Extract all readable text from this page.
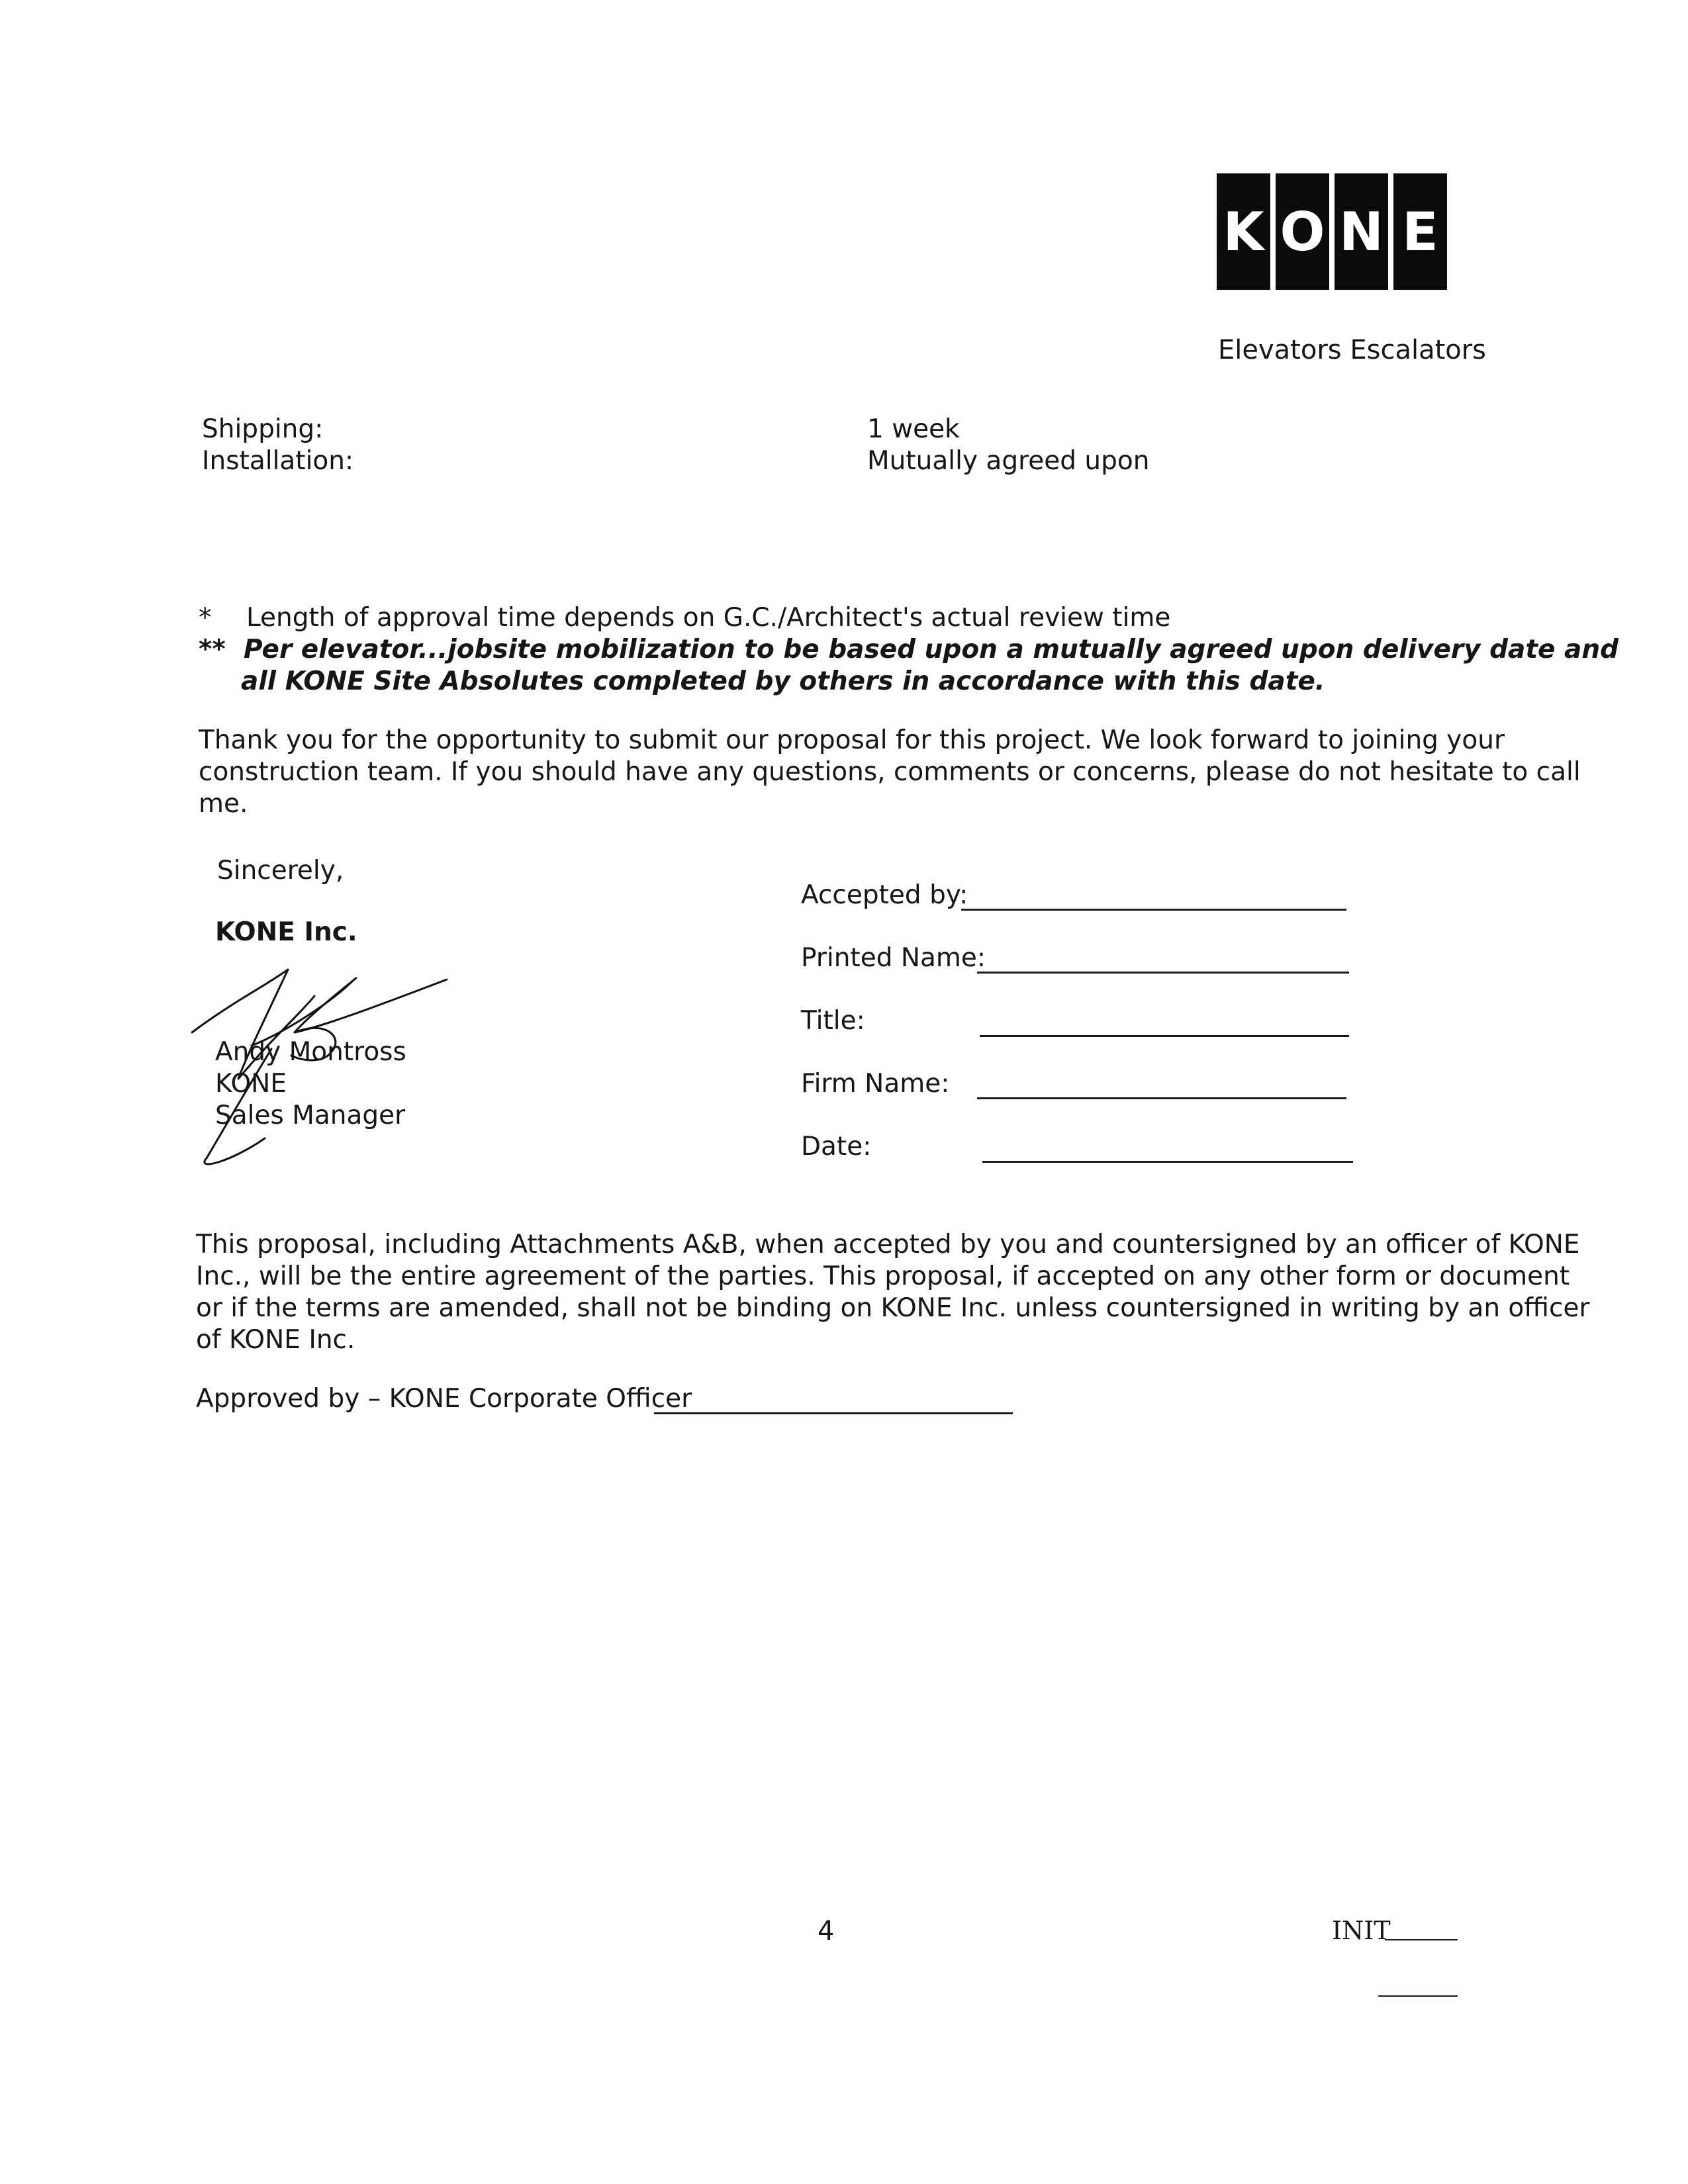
K O N E
Elevators Escalators
Shipping:
Installation:
1 week
Mutually agreed upon
* Length of approval time depends on G.C./Architect's actual review time
** Per elevator...jobsite mobilization to be based upon a mutually agreed upon delivery date and
all KONE Site Absolutes completed by others in accordance with this date.
Thank you for the opportunity to submit our proposal for this project. We look forward to joining your
construction team. If you should have any questions, comments or concerns, please do not hesitate to call
me.
Sincerely,
KONE Inc.
Andy Montross
KONE
Sales Manager
Accepted by:
Printed Name:
Title:
Firm Name:
Date:
This proposal, including Attachments A&B, when accepted by you and countersigned by an officer of KONE
Inc., will be the entire agreement of the parties. This proposal, if accepted on any other form or document
or if the terms are amended, shall not be binding on KONE Inc. unless countersigned in writing by an officer
of KONE Inc.
Approved by – KONE Corporate Officer
4	INIT
